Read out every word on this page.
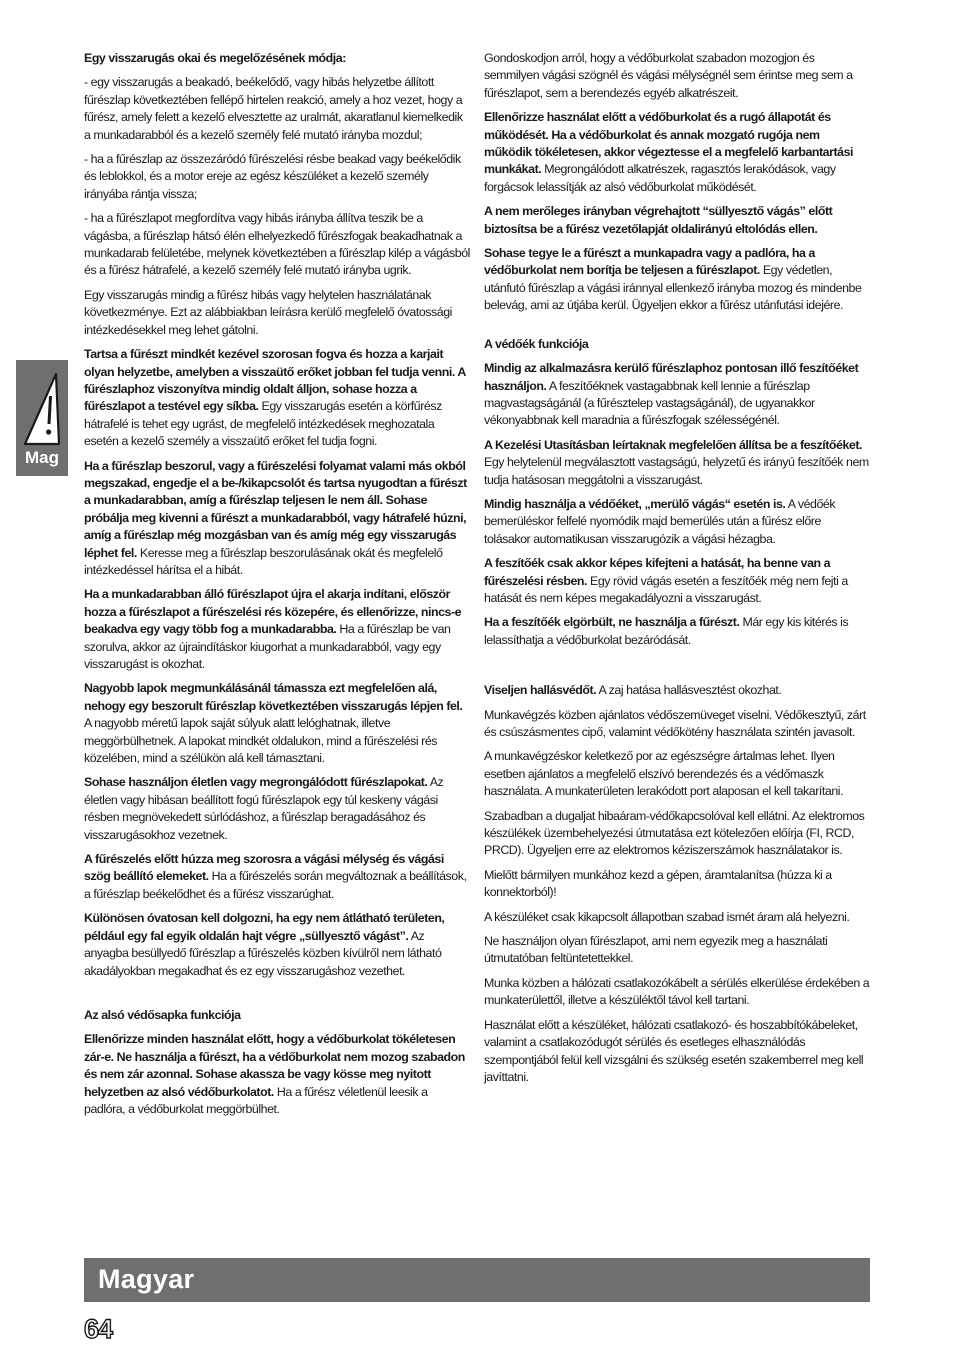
Egy visszarugás okai és megelőzésének módja:

- egy visszarugás a beakadó, beékelődő, vagy hibás helyzetbe állított fűrészlap következtében fellépő hirtelen reakció, amely a hoz vezet, hogy a fűrész, amely felett a kezelő elvesztette az uralmát, akaratlanul kiemelkedik a munkadarabból és a kezelő személy felé mutató irányba mozdul;

- ha a fűrészlap az összezáródó fűrészelési résbe beakad vagy beékelődik és leblokkol, és a motor ereje az egész készüléket a kezelő személy irányába rántja vissza;

- ha a fűrészlapot megfordítva vagy hibás irányba állítva teszik be a vágásba, a fűrészlap hátsó élén elhelyezkedő fűrészfogak beakadhatnak a munkadarab felületébe, melynek következtében a fűrészlap kilép a vágásból és a fűrész hátrafelé, a kezelő személy felé mutató irányba ugrik.

Egy visszarugás mindig a fűrész hibás vagy helytelen használatának következménye. Ezt az alábbiakban leírásra kerülő megfelelő óvatossági intézkedésekkel meg lehet gátolni.

Tartsa a fűrészt mindkét kezével szorosan fogva és hozza a karjait olyan helyzetbe, amelyben a visszaütő erőket jobban fel tudja venni. A fűrészlaphoz viszonyítva mindig oldalt álljon, sohase hozza a fűrészlapot a testével egy síkba. Egy visszarugás esetén a körfűrész hátrafelé is tehet egy ugrást, de megfelelő intézkedések meghozatala esetén a kezelő személy a visszaütő erőket fel tudja fogni.

Ha a fűrészlap beszorul, vagy a fűrészelési folyamat valami más okból megszakad, engedje el a be-/kikapcsolót és tartsa nyugodtan a fűrészt a munkadarabban, amíg a fűrészlap teljesen le nem áll. Sohase próbálja meg kivenni a fűrészt a munkadarabból, vagy hátrafelé húzni, amíg a fűrészlap még mozgásban van és amíg még egy visszarugás léphet fel. Keresse meg a fűrészlap beszorulásának okát és megfelelő intézkedéssel hárítsa el a hibát.

Ha a munkadarabban álló fűrészlapot újra el akarja indítani, először hozza a fűrészlapot a fűrészelési rés közepére, és ellenőrizze, nincs-e beakadva egy vagy több fog a munkadarabba. Ha a fűrészlap be van szorulva, akkor az újraindításkor kiugorhat a munkadarabból, vagy egy visszarugást is okozhat.

Nagyobb lapok megmunkálásánál támassza ezt megfelelően alá, nehogy egy beszorult fűrészlap következtében visszarugás lépjen fel. A nagyobb méretű lapok saját súlyuk alatt lelóghatnak, illetve meggörbülhetnek. A lapokat mindkét oldalukon, mind a fűrészelési rés közelében, mind a szélükön alá kell támasztani.

Sohase használjon életlen vagy megrongálódott fűrészlapokat. Az életlen vagy hibásan beállított fogú fűrészlapok egy túl keskeny vágási résben megnövekedett súrlódáshoz, a fűrészlap beragadásához és visszarugásokhoz vezetnek.

A fűrészelés előtt húzza meg szorosra a vágási mélység és vágási szög beállító elemeket. Ha a fűrészelés során megváltoznak a beállítások, a fűrészlap beékelődhet és a fűrész visszarúghat.

Különösen óvatosan kell dolgozni, ha egy nem átlátható területen, például egy fal egyik oldalán hajt végre „süllyesztő vágást”. Az anyagba besüllyedő fűrészlap a fűrészelés közben kívülről nem látható akadályokban megakadhat és ez egy visszarugáshoz vezethet.

Az alsó védősapka funkciója

Ellenőrizze minden használat előtt, hogy a védőburkolat tökéletesen zár-e. Ne használja a fűrészt, ha a védőburkolat nem mozog szabadon és nem zár azonnal. Sohase akassza be vagy kösse meg nyitott helyzetben az alsó védőburkolatot. Ha a fűrész véletlenül leesik a padlóra, a védőburkolat meggörbülhet.

Gondoskodjon arról, hogy a védőburkolat szabadon mozogjon és semmilyen vágási szögnél és vágási mélységnél sem érintse meg sem a fűrészlapot, sem a berendezés egyéb alkatrészeit.

Ellenőrizze használat előtt a védőburkolat és a rugó állapotát és működését. Ha a védőburkolat és annak mozgató rugója nem működik tökéletesen, akkor végeztesse el a megfelelő karbantartási munkákat. Megrongálódott alkatrészek, ragasztós lerakódások, vagy forgácsok lelassítják az alsó védőburkolat működését.

A nem merőleges irányban végrehajtott “süllyesztő vágás” előtt biztosítsa be a fűrész vezetőlapját oldalirányú eltolódás ellen.

Sohase tegye le a fűrészt a munkapadra vagy a padlóra, ha a védőburkolat nem borítja be teljesen a fűrészlapot. Egy védetlen, utánfutó fűrészlap a vágási iránnyal ellenkező irányba mozog és mindenbe belevág, ami az útjába kerül. Ügyeljen ekkor a fűrész utánfutási idejére.

A védőék funkciója

Mindig az alkalmazásra kerülő fűrészlaphoz pontosan illő feszítőéket használjon. A feszítőéknek vastagabbnak kell lennie a fűrészlap magvastagságánál (a fűrésztelep vastagságánál), de ugyanakkor vékonyabbnak kell maradnia a fűrészfogak szélességénél.

A Kezelési Utasításban leírtaknak megfelelően állítsa be a feszítőéket. Egy helytelenül megválasztott vastagságú, helyzetű és irányú feszítőék nem tudja hatásosan meggátolni a visszarugást.

Mindig használja a védőéket, „merülő vágás“ esetén is. A védőék bemerüléskor felfelé nyomódik majd bemerülés után a fűrész előre tolásakor automatikusan visszarugózik a vágási hézagba.

A feszítőék csak akkor képes kifejteni a hatását, ha benne van a fűrészelési résben. Egy rövid vágás esetén a feszítőék még nem fejti a hatását és nem képes megakadályozni a visszarugást.

Ha a feszítőék elgörbült, ne használja a fűrészt. Már egy kis kitérés is lelassíthatja a védőburkolat bezáródását.

Viseljen hallásvédőt. A zaj hatása hallásvesztést okozhat.

Munkavégzés közben ajánlatos védőszemüveget viselni. Védőkesztyű, zárt és csúszásmentes cipő, valamint védőkötény használata szintén javasolt.

A munkavégzéskor keletkező por az egészségre ártalmas lehet. Ilyen esetben ajánlatos a megfelelő elszívó berendezés és a védőmaszk használata. A munkaterületen lerakódott port alaposan el kell takarítani.

Szabadban a dugaljat hibaáram-védőkapcsolóval kell ellátni. Az elektromos készülékek üzembehelyezési útmutatása ezt kötelezően előírja (FI, RCD, PRCD). Ügyeljen erre az elektromos kéziszerszámok használatakor is.

Mielőtt bármilyen munkához kezd a gépen, áramtalanítsa (húzza ki a konnektorból)!

A készüléket csak kikapcsolt állapotban szabad ismét áram alá helyezni.

Ne használjon olyan fűrészlapot, ami nem egyezik meg a használati útmutatóban feltüntetettekkel.

Munka közben a hálózati csatlakozókábelt a sérülés elkerülése érdekében a munkaterülettől, illetve a készüléktől távol kell tartani.

Használat előtt a készüléket, hálózati csatlakozó- és hoszabbítókábeleket, valamint a csatlakozódugót sérülés és esetleges elhasználódás szempontjából felül kell vizsgálni és szükség esetén szakemberrel meg kell javíttatni.

Mag
Magyar
64
